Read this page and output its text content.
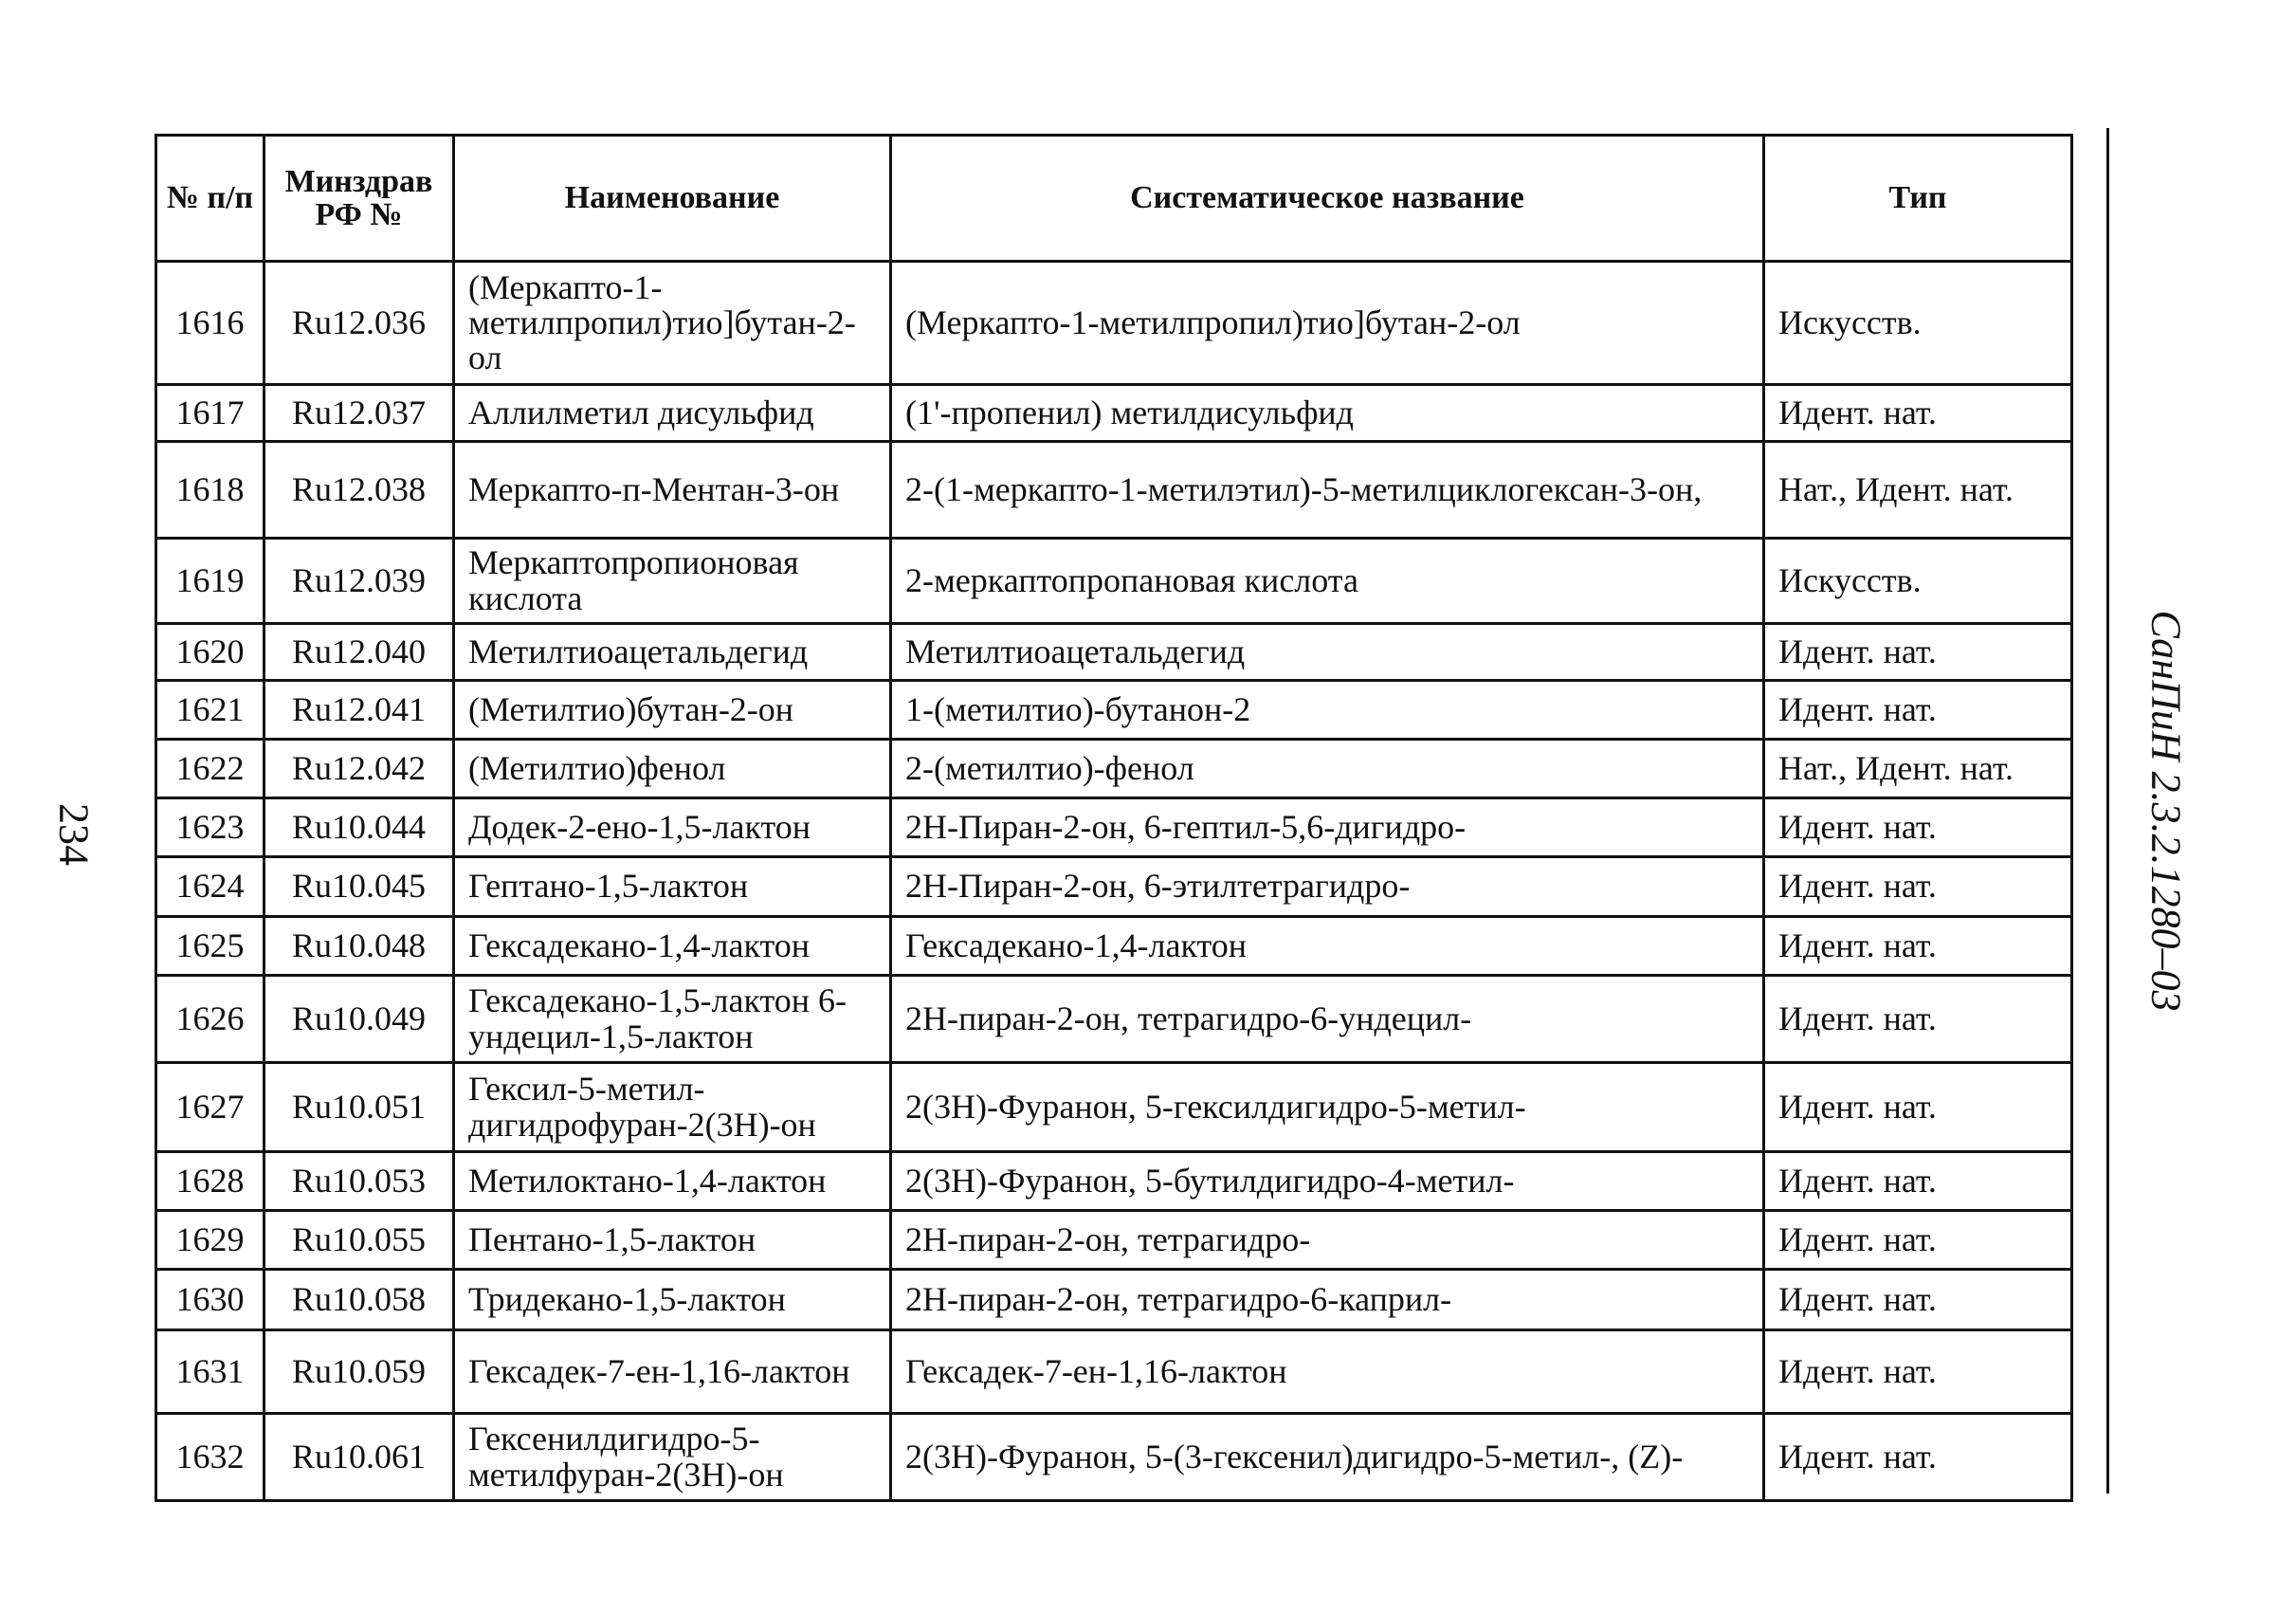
234	СанПиН 2.3.2.1280–03
№ п/п	Минздрав РФ №	Наименование	Систематическое название	Тип
1616	Ru12.036	(Меркапто-1-метилпропил)тио]бутан-2-ол	(Меркапто-1-метилпропил)тио]бутан-2-ол	Искусств.
1617	Ru12.037	Аллилметил дисульфид	(1'-пропенил) метилдисульфид	Идент. нат.
1618	Ru12.038	Меркапто-п-Ментан-3-он	2-(1-меркапто-1-метилэтил)-5-метилциклогексан-3-он,	Нат., Идент. нат.
1619	Ru12.039	Меркаптопропионовая кислота	2-меркаптопропановая кислота	Искусств.
1620	Ru12.040	Метилтиоацетальдегид	Метилтиоацетальдегид	Идент. нат.
1621	Ru12.041	(Метилтио)бутан-2-он	1-(метилтио)-бутанон-2	Идент. нат.
1622	Ru12.042	(Метилтио)фенол	2-(метилтио)-фенол	Нат., Идент. нат.
1623	Ru10.044	Додек-2-ено-1,5-лактон	2Н-Пиран-2-он, 6-гептил-5,6-дигидро-	Идент. нат.
1624	Ru10.045	Гептано-1,5-лактон	2Н-Пиран-2-он, 6-этилтетрагидро-	Идент. нат.
1625	Ru10.048	Гексадекано-1,4-лактон	Гексадекано-1,4-лактон	Идент. нат.
1626	Ru10.049	Гексадекано-1,5-лактон 6-ундецил-1,5-лактон	2Н-пиран-2-он, тетрагидро-6-ундецил-	Идент. нат.
1627	Ru10.051	Гексил-5-метил-дигидрофуран-2(3Н)-он	2(3Н)-Фуранон, 5-гексилдигидро-5-метил-	Идент. нат.
1628	Ru10.053	Метилоктано-1,4-лактон	2(3Н)-Фуранон, 5-бутилдигидро-4-метил-	Идент. нат.
1629	Ru10.055	Пентано-1,5-лактон	2Н-пиран-2-он, тетрагидро-	Идент. нат.
1630	Ru10.058	Тридекано-1,5-лактон	2Н-пиран-2-он, тетрагидро-6-каприл-	Идент. нат.
1631	Ru10.059	Гексадек-7-ен-1,16-лактон	Гексадек-7-ен-1,16-лактон	Идент. нат.
1632	Ru10.061	Гексенилдигидро-5-метилфуран-2(3Н)-он	2(3Н)-Фуранон, 5-(3-гексенил)дигидро-5-метил-, (Z)-	Идент. нат.
